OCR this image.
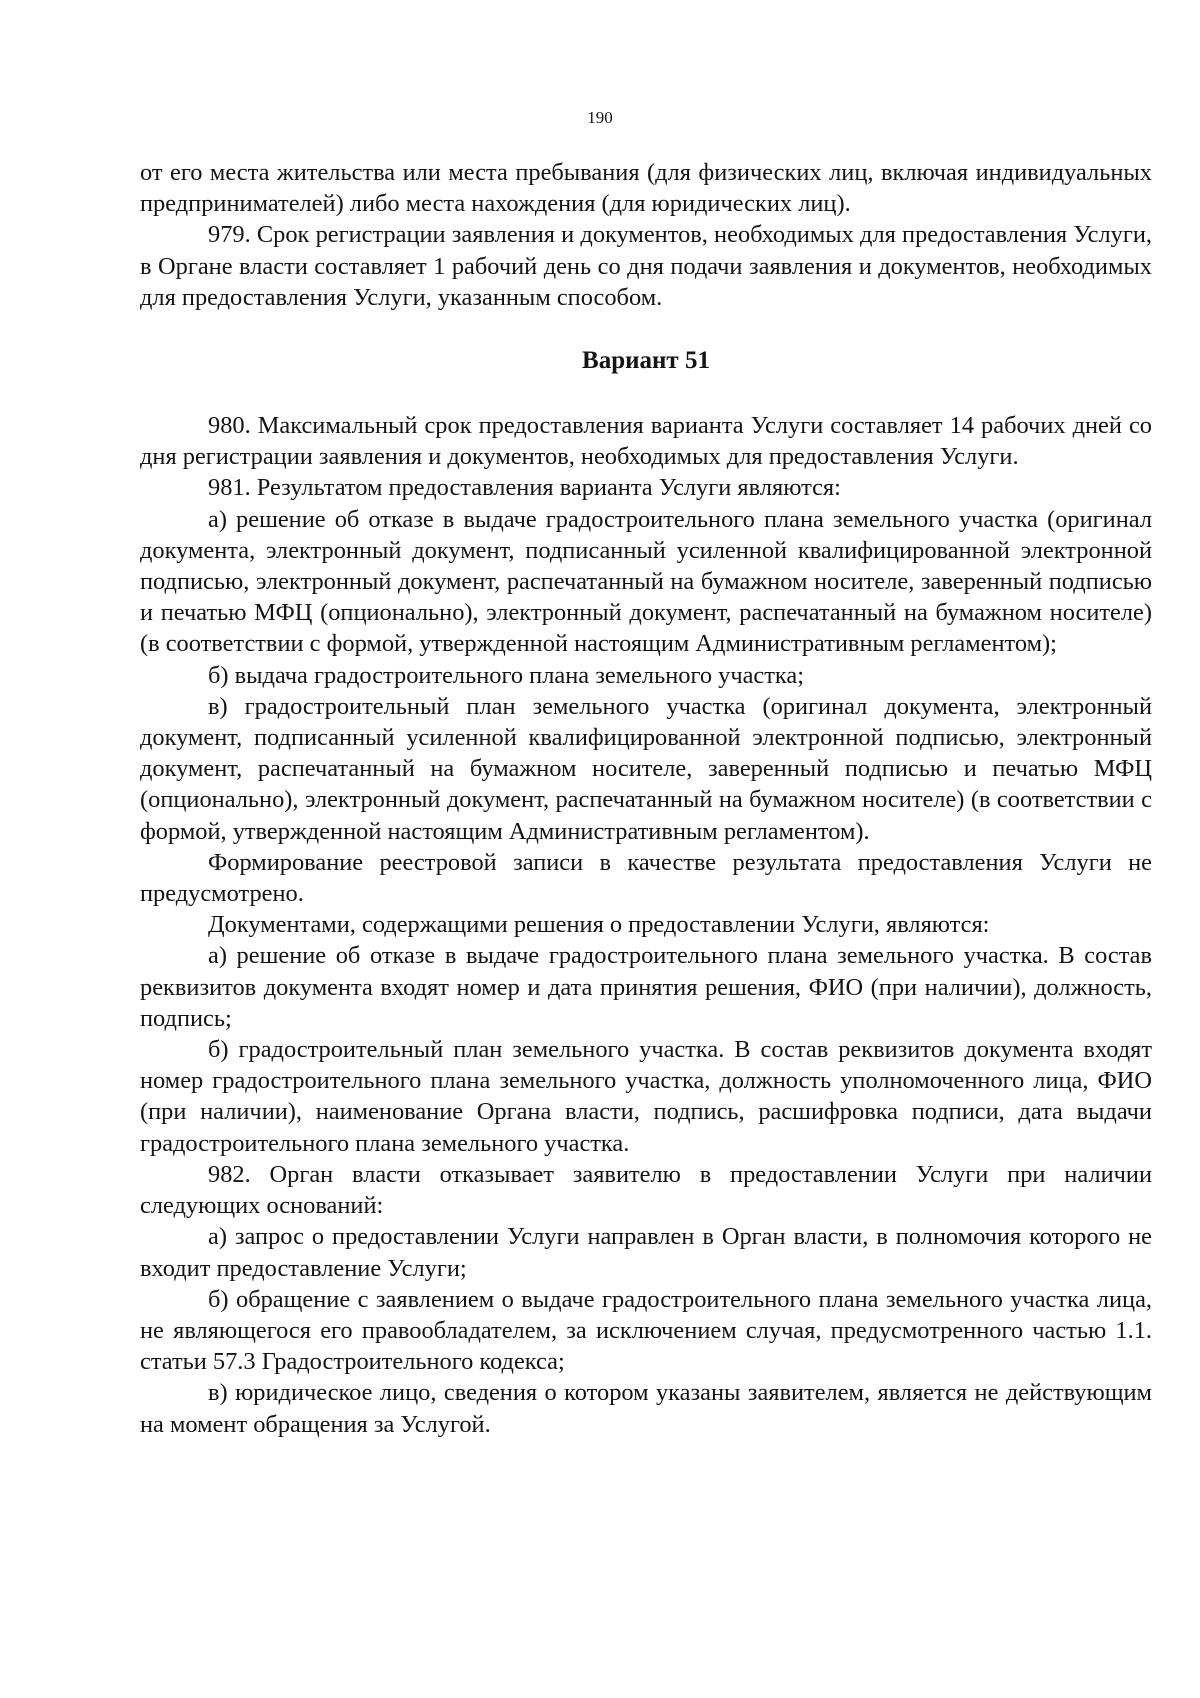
190

от его места жительства или места пребывания (для физических лиц, включая индивидуальных предпринимателей) либо места нахождения (для юридических лиц).

979. Срок регистрации заявления и документов, необходимых для предоставления Услуги, в Органе власти составляет 1 рабочий день со дня подачи заявления и документов, необходимых для предоставления Услуги, указанным способом.

Вариант 51

980. Максимальный срок предоставления варианта Услуги составляет 14 рабочих дней со дня регистрации заявления и документов, необходимых для предоставления Услуги.

981. Результатом предоставления варианта Услуги являются:

а) решение об отказе в выдаче градостроительного плана земельного участка (оригинал документа, электронный документ, подписанный усиленной квалифицированной электронной подписью, электронный документ, распечатанный на бумажном носителе, заверенный подписью и печатью МФЦ (опционально), электронный документ, распечатанный на бумажном носителе) (в соответствии с формой, утвержденной настоящим Административным регламентом);

б) выдача градостроительного плана земельного участка;

в) градостроительный план земельного участка (оригинал документа, электронный документ, подписанный усиленной квалифицированной электронной подписью, электронный документ, распечатанный на бумажном носителе, заверенный подписью и печатью МФЦ (опционально), электронный документ, распечатанный на бумажном носителе) (в соответствии с формой, утвержденной настоящим Административным регламентом).

Формирование реестровой записи в качестве результата предоставления Услуги не предусмотрено.

Документами, содержащими решения о предоставлении Услуги, являются:

а) решение об отказе в выдаче градостроительного плана земельного участка. В состав реквизитов документа входят номер и дата принятия решения, ФИО (при наличии), должность, подпись;

б) градостроительный план земельного участка. В состав реквизитов документа входят номер градостроительного плана земельного участка, должность уполномоченного лица, ФИО (при наличии), наименование Органа власти, подпись, расшифровка подписи, дата выдачи градостроительного плана земельного участка.

982. Орган власти отказывает заявителю в предоставлении Услуги при наличии следующих оснований:

а) запрос о предоставлении Услуги направлен в Орган власти, в полномочия которого не входит предоставление Услуги;

б) обращение с заявлением о выдаче градостроительного плана земельного участка лица, не являющегося его правообладателем, за исключением случая, предусмотренного частью 1.1. статьи 57.3 Градостроительного кодекса;

в) юридическое лицо, сведения о котором указаны заявителем, является не действующим на момент обращения за Услугой.
